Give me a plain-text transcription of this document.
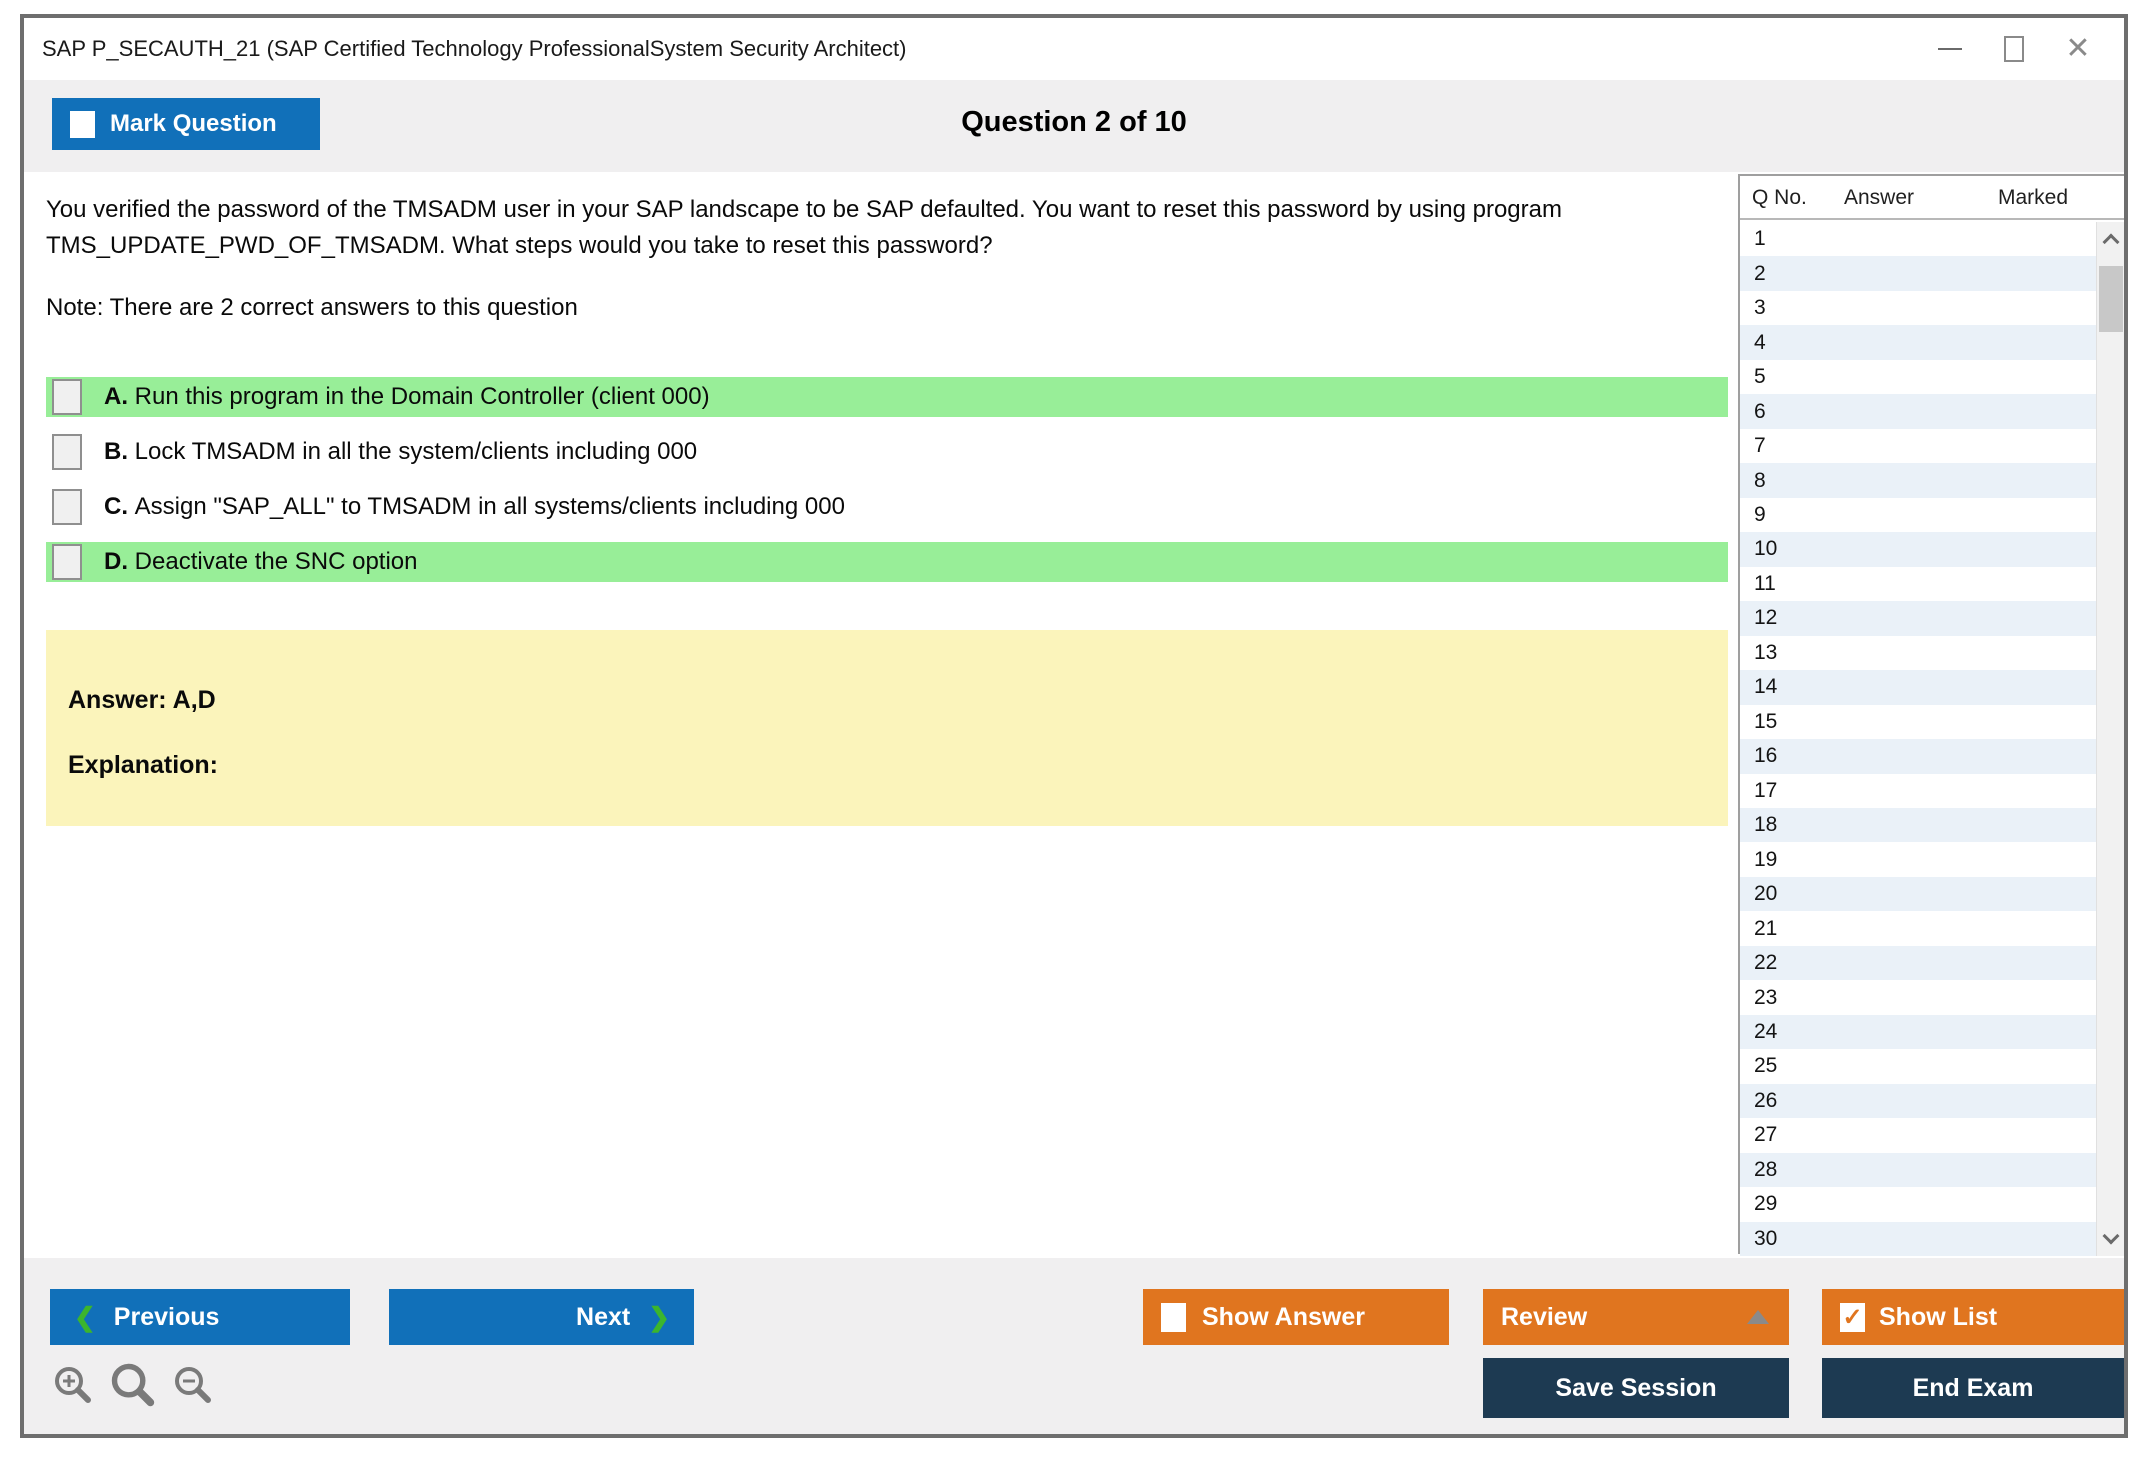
SAP P_SECAUTH_21 (SAP Certified Technology ProfessionalSystem Security Architect)	✕
Question 2 of 10
Mark Question
You verified the password of the TMSADM user in your SAP landscape to be SAP defaulted. You want to reset this password by using program TMS_UPDATE_PWD_OF_TMSADM. What steps would you take to reset this password?
Note: There are 2 correct answers to this question
A. Run this program in the Domain Controller (client 000)
B. Lock TMSADM in all the system/clients including 000
C. Assign "SAP_ALL" to TMSADM in all systems/clients including 000
D. Deactivate the SNC option
Answer: A,D
Explanation:
Q No. Answer	Marked
1
2
3
4
5
6
7
8
9
10
11
12
13
14
15
16
17
18
19
20
21
22
23
24
25
26
27
28
29
30
❮ Previous	Next ❯	Show Answer	Review	✓ Show List
Save Session	End Exam
